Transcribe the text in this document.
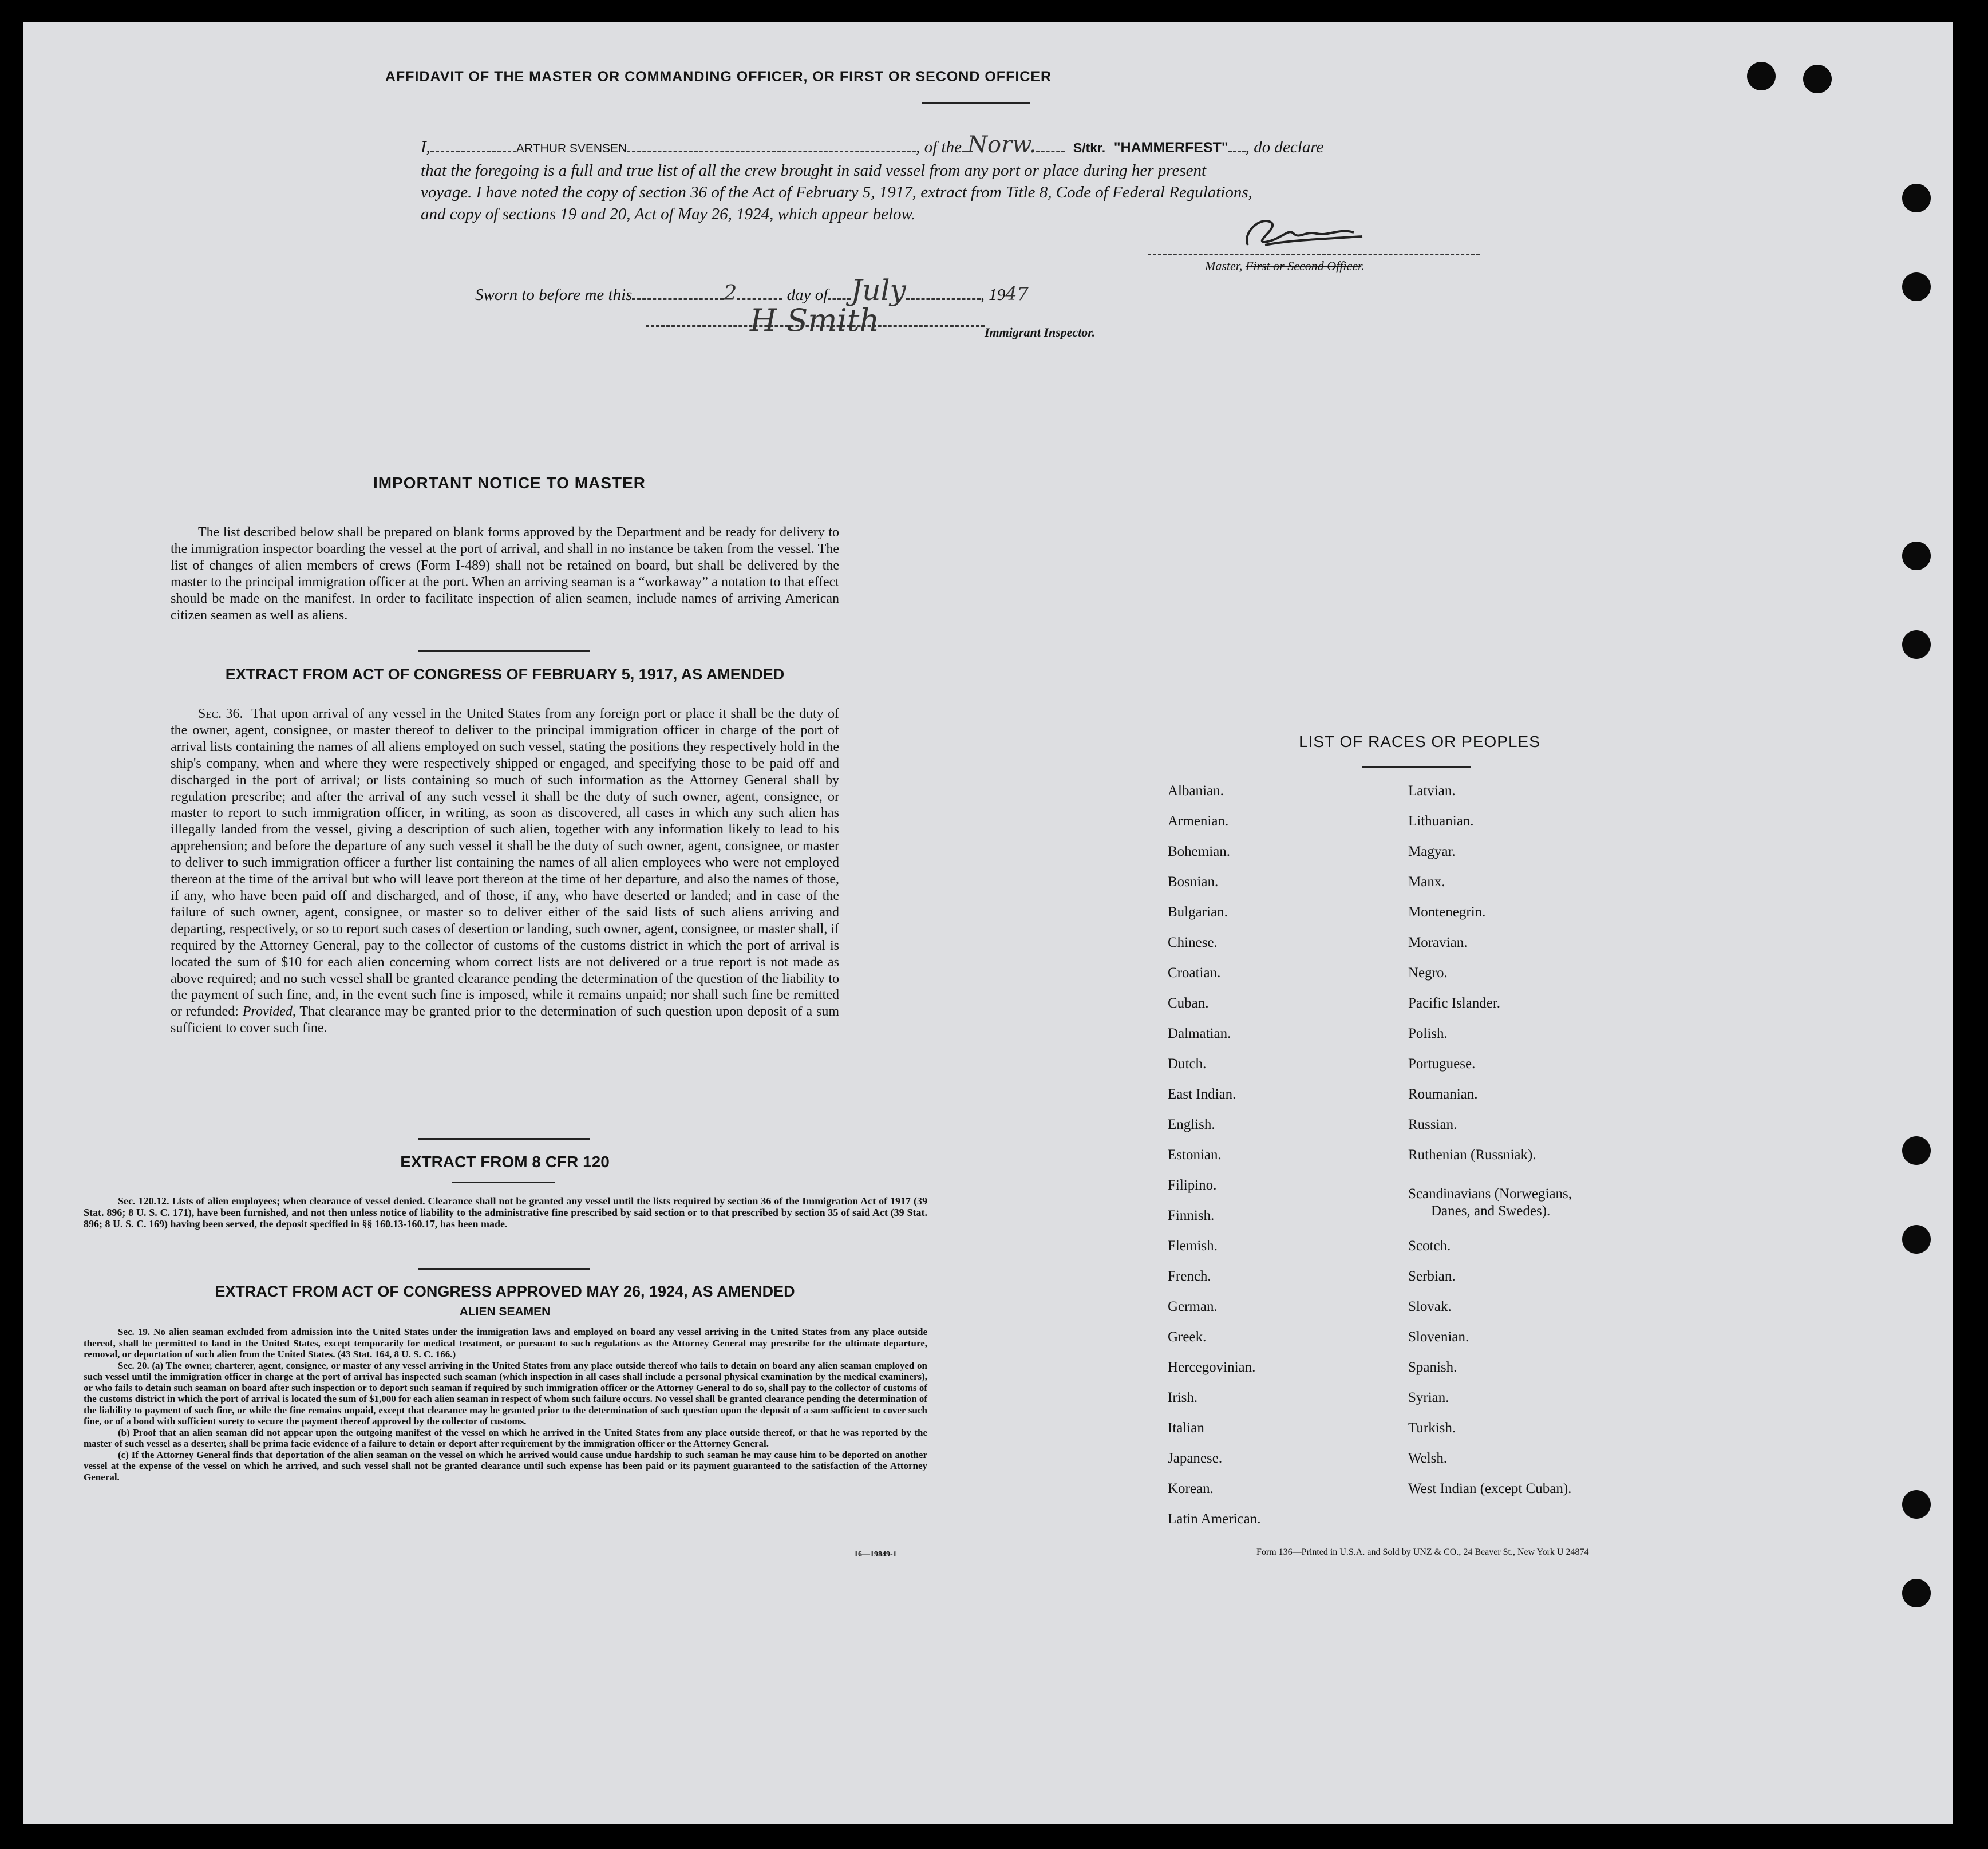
AFFIDAVIT OF THE MASTER OR COMMANDING OFFICER, OR FIRST OR SECOND OFFICER
I,	ARTHUR SVENSEN	, of the Norw.	S/tkr. "HAMMERFEST" , do declare
that the foregoing is a full and true list of all the crew brought in said vessel from any port or place during her present
voyage. I have noted the copy of section 36 of the Act of February 5, 1917, extract from Title 8, Code of Federal Regulations,
and copy of sections 19 and 20, Act of May 26, 1924, which appear below.
Master, First or Second Officer.
Sworn to before me this	2	day of July	, 1947
H Smith	Immigrant Inspector.
IMPORTANT NOTICE TO MASTER

The list described below shall be prepared on blank forms approved by the Department and be ready for delivery to the immigration inspector boarding the vessel at the port of arrival, and shall in no instance be taken from the vessel. The list of changes of alien members of crews (Form I-489) shall not be retained on board, but shall be delivered by the master to the principal immigration officer at the port. When an arriving seaman is a “workaway” a notation to that effect should be made on the manifest. In order to facilitate inspection of alien seamen, include names of arriving American citizen seamen as well as aliens.

EXTRACT FROM ACT OF CONGRESS OF FEBRUARY 5, 1917, AS AMENDED

Sec. 36. That upon arrival of any vessel in the United States from any foreign port or place it shall be the duty of the owner, agent, consignee, or master thereof to deliver to the principal immigration officer in charge of the port of arrival lists containing the names of all aliens employed on such vessel, stating the positions they respectively hold in the ship's company, when and where they were respectively shipped or engaged, and specifying those to be paid off and discharged in the port of arrival; or lists containing so much of such information as the Attorney General shall by regulation prescribe; and after the arrival of any such vessel it shall be the duty of such owner, agent, consignee, or master to report to such immigration officer, in writing, as soon as discovered, all cases in which any such alien has illegally landed from the vessel, giving a description of such alien, together with any information likely to lead to his apprehension; and before the departure of any such vessel it shall be the duty of such owner, agent, consignee, or master to deliver to such immigration officer a further list containing the names of all alien employees who were not employed thereon at the time of the arrival but who will leave port thereon at the time of her departure, and also the names of those, if any, who have been paid off and discharged, and of those, if any, who have deserted or landed; and in case of the failure of such owner, agent, consignee, or master so to deliver either of the said lists of such aliens arriving and departing, respectively, or so to report such cases of desertion or landing, such owner, agent, consignee, or master shall, if required by the Attorney General, pay to the collector of customs of the customs district in which the port of arrival is located the sum of $10 for each alien concerning whom correct lists are not delivered or a true report is not made as above required; and no such vessel shall be granted clearance pending the determination of the question of the liability to the payment of such fine, and, in the event such fine is imposed, while it remains unpaid; nor shall such fine be remitted or refunded: Provided, That clearance may be granted prior to the determination of such question upon deposit of a sum sufficient to cover such fine.

EXTRACT FROM 8 CFR 120

Sec. 120.12. Lists of alien employees; when clearance of vessel denied. Clearance shall not be granted any vessel until the lists required by section 36 of the Immigration Act of 1917 (39 Stat. 896; 8 U. S. C. 171), have been furnished, and not then unless notice of liability to the administrative fine prescribed by said section or to that prescribed by section 35 of said Act (39 Stat. 896; 8 U. S. C. 169) having been served, the deposit specified in §§ 160.13-160.17, has been made.

EXTRACT FROM ACT OF CONGRESS APPROVED MAY 26, 1924, AS AMENDED
ALIEN SEAMEN

Sec. 19. No alien seaman excluded from admission into the United States under the immigration laws and employed on board any vessel arriving in the United States from any place outside thereof, shall be permitted to land in the United States, except temporarily for medical treatment, or pursuant to such regulations as the Attorney General may prescribe for the ultimate departure, removal, or deportation of such alien from the United States. (43 Stat. 164, 8 U. S. C. 166.)

Sec. 20. (a) The owner, charterer, agent, consignee, or master of any vessel arriving in the United States from any place outside thereof who fails to detain on board any alien seaman employed on such vessel until the immigration officer in charge at the port of arrival has inspected such seaman (which inspection in all cases shall include a personal physical examination by the medical examiners), or who fails to detain such seaman on board after such inspection or to deport such seaman if required by such immigration officer or the Attorney General to do so, shall pay to the collector of customs of the customs district in which the port of arrival is located the sum of $1,000 for each alien seaman in respect of whom such failure occurs. No vessel shall be granted clearance pending the determination of the liability to payment of such fine, or while the fine remains unpaid, except that clearance may be granted prior to the determination of such question upon the deposit of a sum sufficient to cover such fine, or of a bond with sufficient surety to secure the payment thereof approved by the collector of customs.

(b) Proof that an alien seaman did not appear upon the outgoing manifest of the vessel on which he arrived in the United States from any place outside thereof, or that he was reported by the master of such vessel as a deserter, shall be prima facie evidence of a failure to detain or deport after requirement by the immigration officer or the Attorney General.

(c) If the Attorney General finds that deportation of the alien seaman on the vessel on which he arrived would cause undue hardship to such seaman he may cause him to be deported on another vessel at the expense of the vessel on which he arrived, and such vessel shall not be granted clearance until such expense has been paid or its payment guaranteed to the satisfaction of the Attorney General.

16—19849-1
LIST OF RACES OR PEOPLES
Albanian.
Armenian.
Bohemian.
Bosnian.
Bulgarian.
Chinese.
Croatian.
Cuban.
Dalmatian.
Dutch.
East Indian.
English.
Estonian.
Filipino.
Finnish.
Flemish.
French.
German.
Greek.
Hercegovinian.
Irish.
Italian
Japanese.
Korean.
Latin American.
Latvian.
Lithuanian.
Magyar.
Manx.
Montenegrin.
Moravian.
Negro.
Pacific Islander.
Polish.
Portuguese.
Roumanian.
Russian.
Ruthenian (Russniak).
Scandinavians (Norwegians,
Danes, and Swedes).
Scotch.
Serbian.
Slovak.
Slovenian.
Spanish.
Syrian.
Turkish.
Welsh.
West Indian (except Cuban).
Form 136—Printed in U.S.A. and Sold by UNZ & CO., 24 Beaver St., New York U 24874
